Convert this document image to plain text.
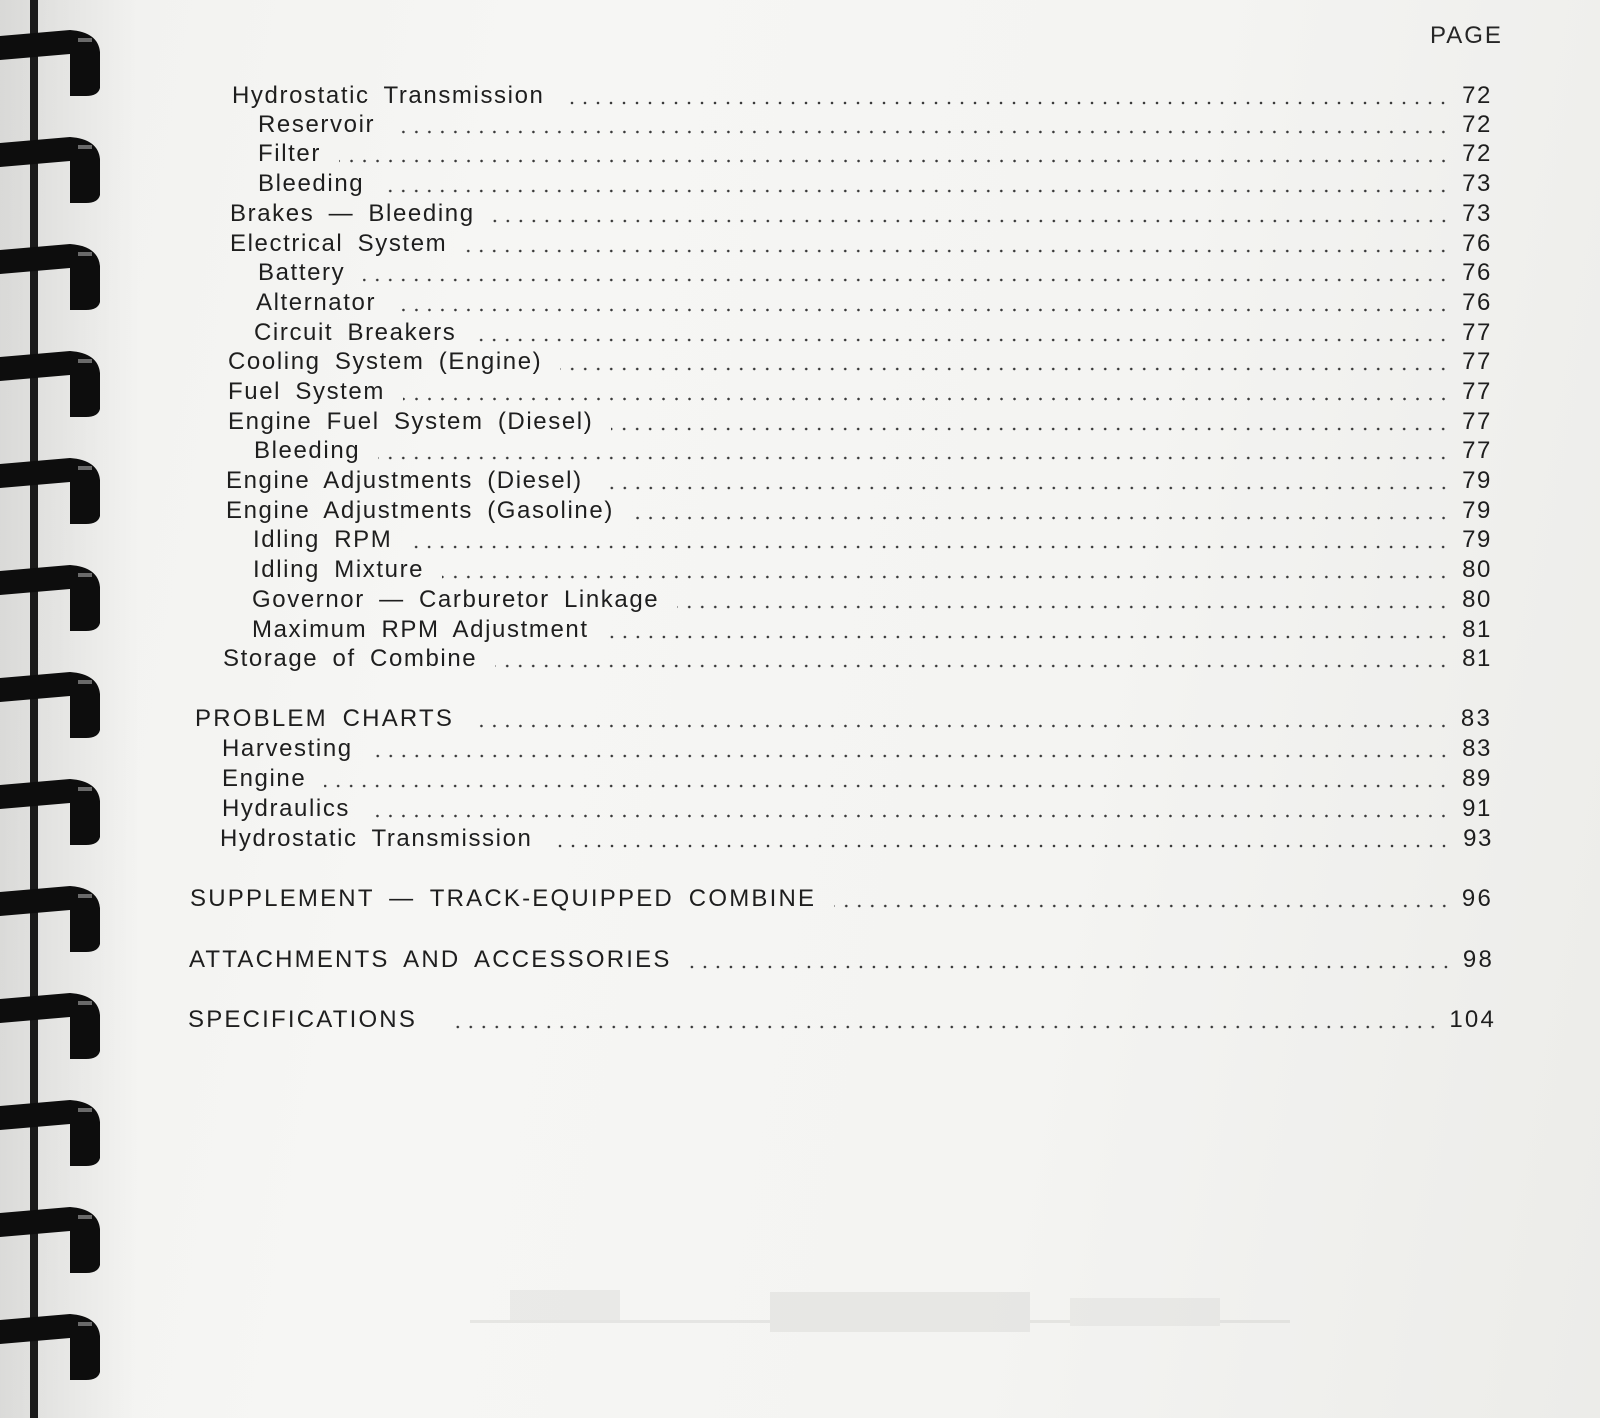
PAGE
Hydrostatic Transmission	72
Reservoir	72
Filter	72
Bleeding	73
Brakes — Bleeding	73
Electrical System	76
Battery	76
Alternator	76
Circuit Breakers	77
Cooling System (Engine)	77
Fuel System	77
Engine Fuel System (Diesel)	77
Bleeding	77
Engine Adjustments (Diesel)	79
Engine Adjustments (Gasoline)	79
Idling RPM	79
Idling Mixture	80
Governor — Carburetor Linkage	80
Maximum RPM Adjustment	81
Storage of Combine	81
PROBLEM CHARTS	83
Harvesting	83
Engine	89
Hydraulics	91
Hydrostatic Transmission	93
SUPPLEMENT — TRACK-EQUIPPED COMBINE	96
ATTACHMENTS AND ACCESSORIES	98
SPECIFICATIONS	104
